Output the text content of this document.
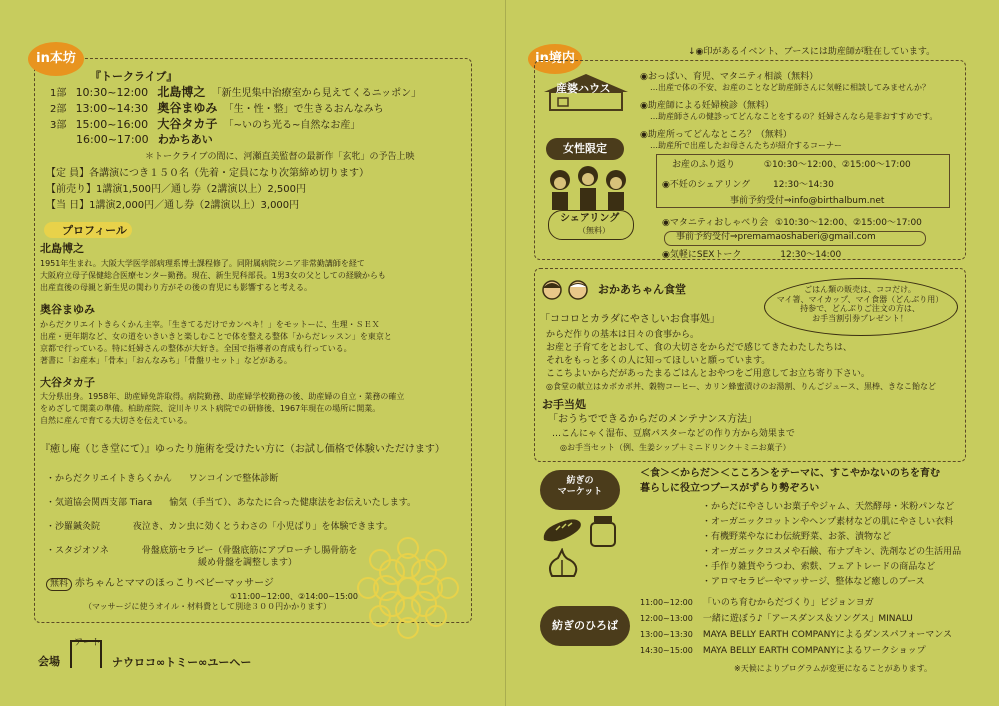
in本坊
『トークライブ』
1部 10:30~12:00 北島博之 「新生児集中治療室から見えてくるニッポン」
2部 13:00~14:30 奥谷まゆみ 「生・性・整」で生きるおんなみち
3部 15:00~16:00 大谷タカ子 「~いのち光る~自然なお産」
16:00~17:00 わかちあい
＊トークライブの間に、河瀬直美監督の最新作「玄牝」の予告上映
【定 員】各講演につき１５０名（先着・定員になり次第締め切ります）
【前売り】1講演1,500円／通し券（2講演以上）2,500円
【当 日】1講演2,000円／通し券（2講演以上）3,000円
プロフィール
北島博之
1951年生まれ。大阪大学医学部病理系博士課程修了。同附属病院シニア非常勤講師を経て
大阪府立母子保健総合医療センター勤務。現在、新生児科部長。1男3女の父としての経験からも
出産直後の母親と新生児の関わり方がその後の育児にも影響すると考える。
奥谷まゆみ
からだクリエイトきらくかん主宰。「生きてるだけでカンペキ！」をモットーに、生理・ＳＥＸ
出産・更年期など、女の道をいきいきと楽しむことで体を整える整体「からだレッスン」を東京と
京都で行っている。特に妊婦さんの整体が大好き。全国で指導者の育成も行っている。
著書に「お産本」「骨本」「おんなみち」「骨盤リセット」などがある。
大谷タカ子
大分県出身。1958年、助産婦免許取得。病院勤務、助産婦学校勤務の後、助産婦の自立・業務の確立
をめざして開業の準備。柏助産院、淀川キリスト病院での研修後、1967年現在の場所に開業。
自然に産んで育てる大切さを伝えている。
『癒し庵（じき堂にて）』ゆったり施術を受けたい方に（お試し価格で体験いただけます）
・からだクリエイトきらくかん ワンコインで整体診断
・気道協会関西支部 Tiara 愉気（手当て）、あなたに合った健康法をお伝えいたします。
・沙羅鍼灸院	夜泣き、カン虫に効くとうわさの「小児ばり」を体験できます。
・スタジオソネ	骨盤底筋セラピー（骨盤底筋にアプローチし腸骨筋を
緩め骨盤を調整します）
無料 赤ちゃんとママのほっこりベビーマッサージ
①11:00~12:00、②14:00~15:00
（マッサージに使うオイル・材料費として別途３００円かかります）
会場
アート
ナウロコ∞トミー∞ユーヘー
in境内	↓◉印があるイベント、ブースには助産師が駐在しています。
産婆ハウス
◉おっぱい、育児、マタニティ相談（無料）
…出産で体の不安、お産のことなど助産師さんに気軽に相談してみませんか？
◉助産師による妊婦検診（無料）
…助産師さんの健診ってどんなことをするの？妊婦さんなら是非おすすめです。
◉助産所ってどんなところ？（無料）
…助産所で出産したお母さんたちが紹介するコーナー
女性限定
シェアリング
（無料）
お産のふり返り	①10:30～12:00、②15:00～17:00
◉不妊のシェアリング	12:30～14:30
事前予約受付⇒info@birthalbum.net
◉マタニティおしゃべり会 ①10:30～12:00、②15:00～17:00
事前予約受付⇒premamaoshaberi@gmail.com
◉気軽にSEXトーク	12:30～14:00
おかあちゃん食堂	ごはん類の販売は、ココだけ。
マイ箸、マイカップ、マイ食器（どんぶり用）
持参で、どんぶりご注文の方は、
お手当割引券プレゼント！
「ココロとカラダにやさしいお食事処」
からだ作りの基本は日々の食事から。
お産と子育てをとおして、食の大切さをからだで感じてきたわたしたちは、
それをもっと多くの人に知ってほしいと願っています。
ここちよいからだがあったまるごはんとおやつをご用意してお立ち寄り下さい。
◎食堂の献立はカボカボ丼、穀物コーヒー、カリン蜂蜜漬けのお湯割、りんごジュース、黒棒、きなこ飴など
お手当処
「おうちでできるからだのメンテナンス方法」
…こんにゃく湿布、豆腐パスターなどの作り方から効果まで
◎お手当セット（例、生姜シップ＋ミニドリンク＋ミニお菓子）
紡ぎの
マーケット
＜食＞＜からだ＞＜こころ＞をテーマに、すこやかないのちを育む
暮らしに役立つブースがずらり勢ぞろい
・からだにやさしいお菓子やジャム、天然酵母・米粉パンなど
・オーガニックコットンやヘンプ素材などの肌にやさしい衣料
・有機野菜やなにわ伝統野菜、お茶、漬物など
・オーガニックコスメや石鹸、布ナプキン、洗剤などの生活用品
・手作り雑貨やうつわ、索麩、フェアトレードの商品など
・アロマセラピーやマッサージ、整体など癒しのブース
紡ぎのひろば
11:00~12:00 「いのち育むからだづくり」ビジョンヨガ
12:00~13:00 一緒に遊ぼう♪「アースダンス＆ソングス」MINALU
13:00~13:30 MAYA BELLY EARTH COMPANYによるダンスパフォーマンス
14:30~15:00 MAYA BELLY EARTH COMPANYによるワークショップ
※天候によりプログラムが変更になることがあります。
